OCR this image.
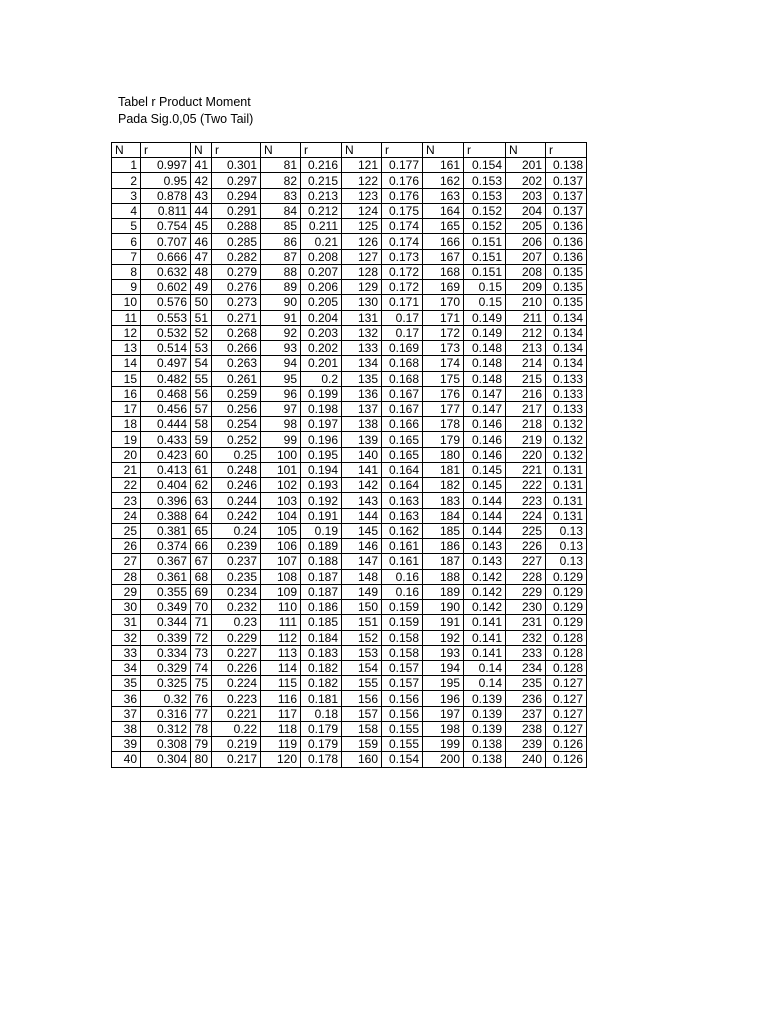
Tabel r Product Moment
Pada Sig.0,05 (Two Tail)
N	r	N	r	N	r	N	r	N	r	N	r
1	0.997	41	0.301	81	0.216	121	0.177	161	0.154	201	0.138
2	0.95	42	0.297	82	0.215	122	0.176	162	0.153	202	0.137
3	0.878	43	0.294	83	0.213	123	0.176	163	0.153	203	0.137
4	0.811	44	0.291	84	0.212	124	0.175	164	0.152	204	0.137
5	0.754	45	0.288	85	0.211	125	0.174	165	0.152	205	0.136
6	0.707	46	0.285	86	0.21	126	0.174	166	0.151	206	0.136
7	0.666	47	0.282	87	0.208	127	0.173	167	0.151	207	0.136
8	0.632	48	0.279	88	0.207	128	0.172	168	0.151	208	0.135
9	0.602	49	0.276	89	0.206	129	0.172	169	0.15	209	0.135
10	0.576	50	0.273	90	0.205	130	0.171	170	0.15	210	0.135
11	0.553	51	0.271	91	0.204	131	0.17	171	0.149	211	0.134
12	0.532	52	0.268	92	0.203	132	0.17	172	0.149	212	0.134
13	0.514	53	0.266	93	0.202	133	0.169	173	0.148	213	0.134
14	0.497	54	0.263	94	0.201	134	0.168	174	0.148	214	0.134
15	0.482	55	0.261	95	0.2	135	0.168	175	0.148	215	0.133
16	0.468	56	0.259	96	0.199	136	0.167	176	0.147	216	0.133
17	0.456	57	0.256	97	0.198	137	0.167	177	0.147	217	0.133
18	0.444	58	0.254	98	0.197	138	0.166	178	0.146	218	0.132
19	0.433	59	0.252	99	0.196	139	0.165	179	0.146	219	0.132
20	0.423	60	0.25	100	0.195	140	0.165	180	0.146	220	0.132
21	0.413	61	0.248	101	0.194	141	0.164	181	0.145	221	0.131
22	0.404	62	0.246	102	0.193	142	0.164	182	0.145	222	0.131
23	0.396	63	0.244	103	0.192	143	0.163	183	0.144	223	0.131
24	0.388	64	0.242	104	0.191	144	0.163	184	0.144	224	0.131
25	0.381	65	0.24	105	0.19	145	0.162	185	0.144	225	0.13
26	0.374	66	0.239	106	0.189	146	0.161	186	0.143	226	0.13
27	0.367	67	0.237	107	0.188	147	0.161	187	0.143	227	0.13
28	0.361	68	0.235	108	0.187	148	0.16	188	0.142	228	0.129
29	0.355	69	0.234	109	0.187	149	0.16	189	0.142	229	0.129
30	0.349	70	0.232	110	0.186	150	0.159	190	0.142	230	0.129
31	0.344	71	0.23	111	0.185	151	0.159	191	0.141	231	0.129
32	0.339	72	0.229	112	0.184	152	0.158	192	0.141	232	0.128
33	0.334	73	0.227	113	0.183	153	0.158	193	0.141	233	0.128
34	0.329	74	0.226	114	0.182	154	0.157	194	0.14	234	0.128
35	0.325	75	0.224	115	0.182	155	0.157	195	0.14	235	0.127
36	0.32	76	0.223	116	0.181	156	0.156	196	0.139	236	0.127
37	0.316	77	0.221	117	0.18	157	0.156	197	0.139	237	0.127
38	0.312	78	0.22	118	0.179	158	0.155	198	0.139	238	0.127
39	0.308	79	0.219	119	0.179	159	0.155	199	0.138	239	0.126
40	0.304	80	0.217	120	0.178	160	0.154	200	0.138	240	0.126
